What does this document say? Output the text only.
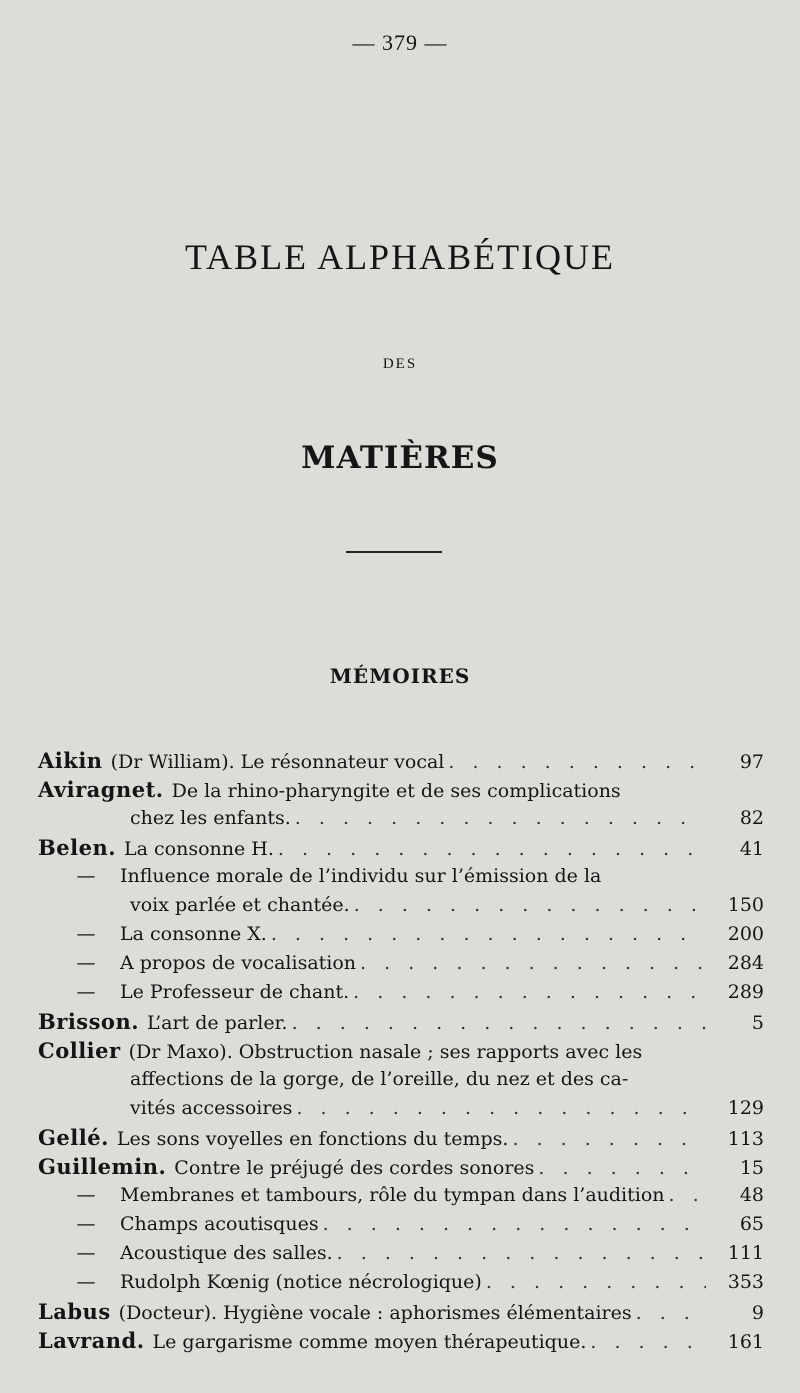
— 379 —
TABLE ALPHABÉTIQUE
DES
MATIÈRES
MÉMOIRES
Aikin (Dr William). Le résonnateur vocal . . .	97
Aviragnet. De la rhino-pharyngite et de ses complications
chez les enfants. . . .	82
Belen. La consonne H. . . .	41
—	Influence morale de l’individu sur l’émission de la
voix parlée et chantée. . . .	150
—	La consonne X. . . .	200
—	A propos de vocalisation . . .	284
—	Le Professeur de chant. . . .	289
Brisson. L’art de parler. . . .	5
Collier (Dr Maxo). Obstruction nasale ; ses rapports avec les
affections de la gorge, de l’oreille, du nez et des ca-
vités accessoires . . .	129
Gellé. Les sons voyelles en fonctions du temps. . . .	113
Guillemin. Contre le préjugé des cordes sonores . . .	15
—	Membranes et tambours, rôle du tympan dans l’audition . . .	48
—	Champs acoutisques . . .	65
—	Acoustique des salles. . . .	111
—	Rudolph Kœnig (notice nécrologique) . . .	353
Labus (Docteur). Hygiène vocale : aphorismes élémentaires . . .	9
Lavrand. Le gargarisme comme moyen thérapeutique. . . .	161
